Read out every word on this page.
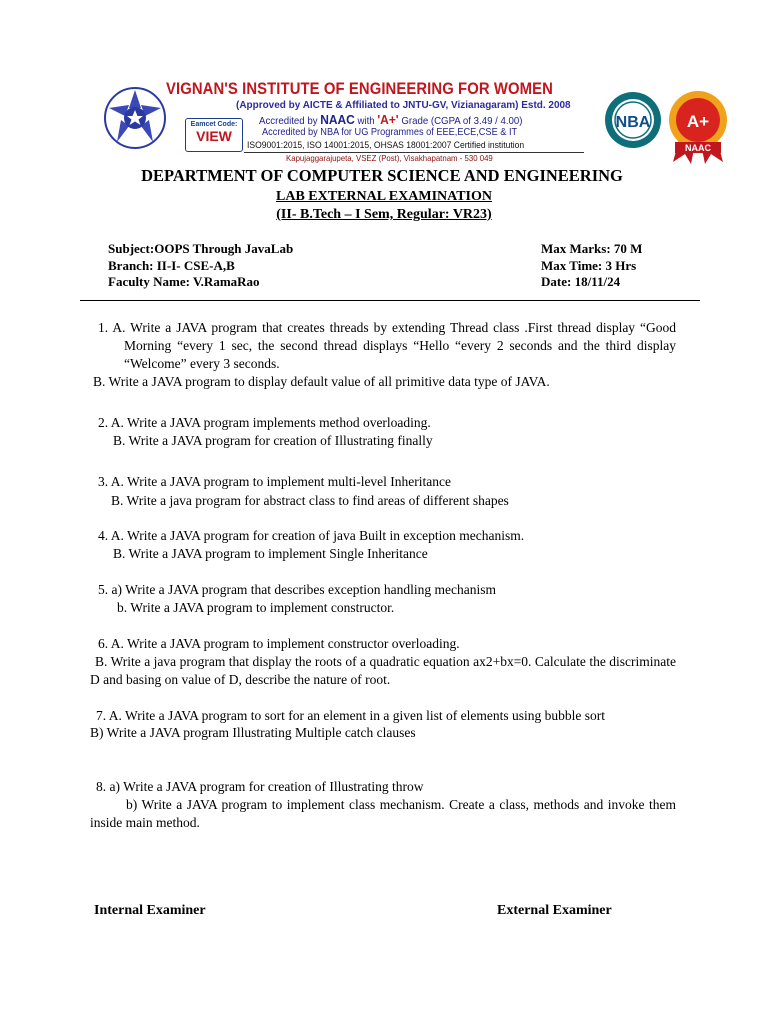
VIGNAN'S INSTITUTE OF ENGINEERING FOR WOMEN
(Approved by AICTE & Affiliated to JNTU-GV, Vizianagaram) Estd. 2008
Accredited by NAAC with 'A+' Grade (CGPA of 3.49 / 4.00)
Accredited by NBA for UG Programmes of EEE,ECE,CSE & IT
ISO9001:2015, ISO 14001:2015, OHSAS 18001:2007 Certified institution
Kapujaggarajupeta, VSEZ (Post), Visakhapatnam - 530 049
Eamcet Code:
VIEW
NBA A+
NAAC
DEPARTMENT OF COMPUTER SCIENCE AND ENGINEERING
LAB EXTERNAL EXAMINATION
(II- B.Tech – I Sem, Regular: VR23)
Subject:OOPS Through JavaLab
Branch: II-I- CSE-A,B
Faculty Name: V.RamaRao
Max Marks: 70 M
Max Time: 3 Hrs
Date: 18/11/24
1. A. Write a JAVA program that creates threads by extending Thread class .First thread display “Good Morning “every 1 sec, the second thread displays “Hello “every 2 seconds and the third display “Welcome” every 3 seconds.
B. Write a JAVA program to display default value of all primitive data type of JAVA.
2. A. Write a JAVA program implements method overloading.
B. Write a JAVA program for creation of Illustrating finally
3. A. Write a JAVA program to implement multi-level Inheritance
B. Write a java program for abstract class to find areas of different shapes
4. A. Write a JAVA program for creation of java Built in exception mechanism.
B. Write a JAVA program to implement Single Inheritance
5. a) Write a JAVA program that describes exception handling mechanism
b. Write a JAVA program to implement constructor.
6. A. Write a JAVA program to implement constructor overloading.
B. Write a java program that display the roots of a quadratic equation ax2+bx=0. Calculate the discriminate D and basing on value of D, describe the nature of root.
7. A. Write a JAVA program to sort for an element in a given list of elements using bubble sort
B) Write a JAVA program Illustrating Multiple catch clauses
8. a) Write a JAVA program for creation of Illustrating throw
b) Write a JAVA program to implement class mechanism. Create a class, methods and invoke them inside main method.
Internal Examiner	External Examiner
